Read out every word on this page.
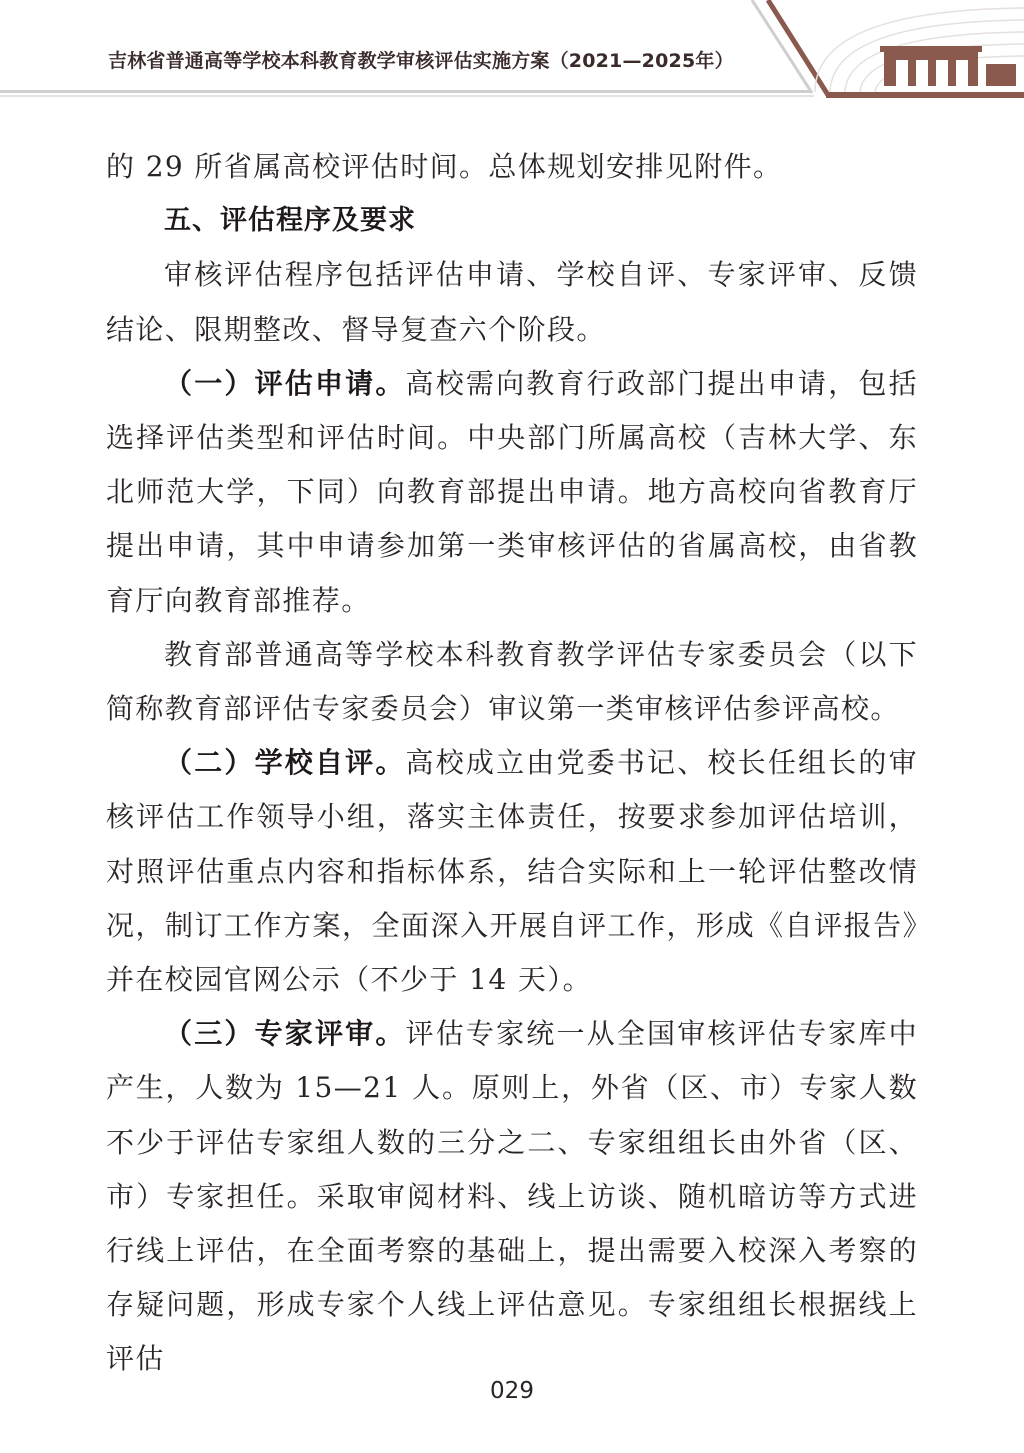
吉林省普通高等学校本科教育教学审核评估实施方案（2021—2025年）

的 29 所省属高校评估时间。总体规划安排见附件。

五、评估程序及要求

审核评估程序包括评估申请、学校自评、专家评审、反馈结论、限期整改、督导复查六个阶段。

（一）评估申请。高校需向教育行政部门提出申请，包括选择评估类型和评估时间。中央部门所属高校（吉林大学、东北师范大学，下同）向教育部提出申请。地方高校向省教育厅提出申请，其中申请参加第一类审核评估的省属高校，由省教育厅向教育部推荐。

教育部普通高等学校本科教育教学评估专家委员会（以下简称教育部评估专家委员会）审议第一类审核评估参评高校。

（二）学校自评。高校成立由党委书记、校长任组长的审核评估工作领导小组，落实主体责任，按要求参加评估培训，对照评估重点内容和指标体系，结合实际和上一轮评估整改情况，制订工作方案，全面深入开展自评工作，形成《自评报告》并在校园官网公示（不少于 14 天）。

（三）专家评审。评估专家统一从全国审核评估专家库中产生，人数为 15—21 人。原则上，外省（区、市）专家人数不少于评估专家组人数的三分之二、专家组组长由外省（区、市）专家担任。采取审阅材料、线上访谈、随机暗访等方式进行线上评估，在全面考察的基础上，提出需要入校深入考察的存疑问题，形成专家个人线上评估意见。专家组组长根据线上评估

029
